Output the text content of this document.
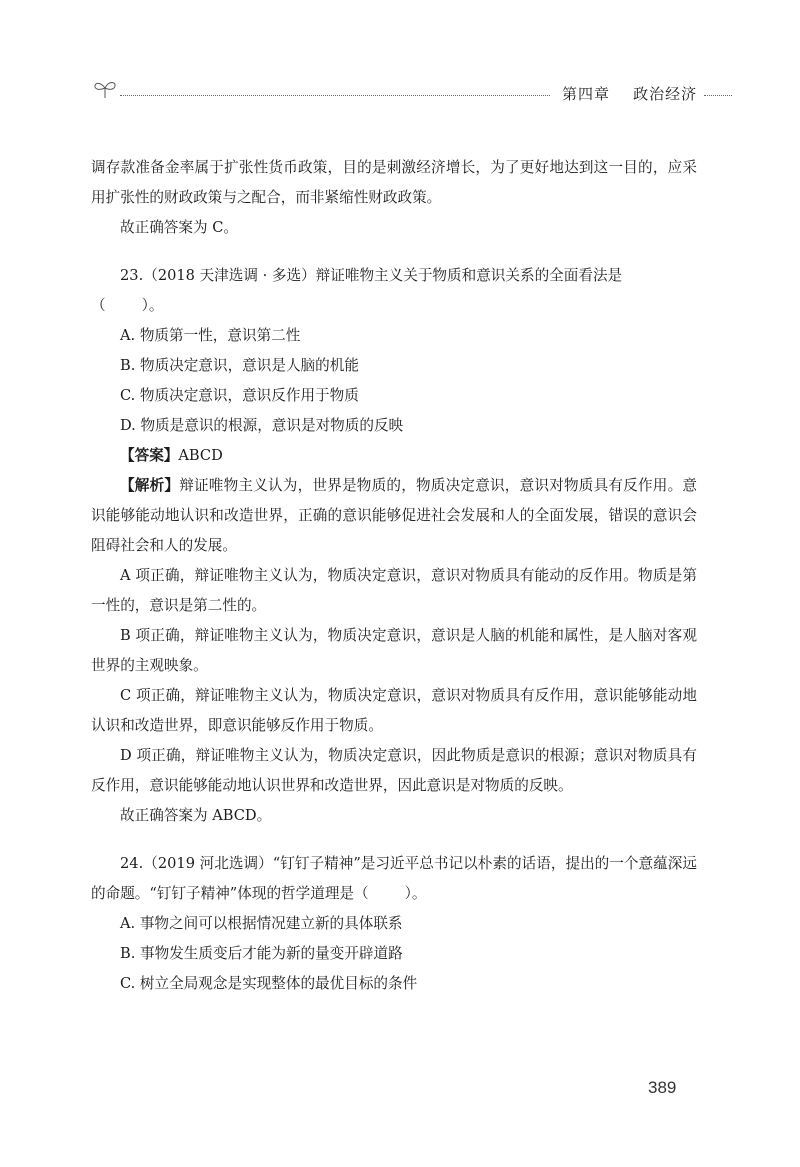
第四章 政治经济

调存款准备金率属于扩张性货币政策，目的是刺激经济增长，为了更好地达到这一目的，应采用扩张性的财政政策与之配合，而非紧缩性财政政策。

故正确答案为 C。

23.（2018 天津选调 · 多选）辩证唯物主义关于物质和意识关系的全面看法是

（ ）。

A. 物质第一性，意识第二性

B. 物质决定意识，意识是人脑的机能

C. 物质决定意识，意识反作用于物质

D. 物质是意识的根源，意识是对物质的反映

【答案】ABCD

【解析】辩证唯物主义认为，世界是物质的，物质决定意识，意识对物质具有反作用。意识能够能动地认识和改造世界，正确的意识能够促进社会发展和人的全面发展，错误的意识会阻碍社会和人的发展。

A 项正确，辩证唯物主义认为，物质决定意识，意识对物质具有能动的反作用。物质是第一性的，意识是第二性的。

B 项正确，辩证唯物主义认为，物质决定意识，意识是人脑的机能和属性，是人脑对客观世界的主观映象。

C 项正确，辩证唯物主义认为，物质决定意识，意识对物质具有反作用，意识能够能动地认识和改造世界，即意识能够反作用于物质。

D 项正确，辩证唯物主义认为，物质决定意识，因此物质是意识的根源；意识对物质具有反作用，意识能够能动地认识世界和改造世界，因此意识是对物质的反映。

故正确答案为 ABCD。

24.（2019 河北选调）“钉钉子精神”是习近平总书记以朴素的话语，提出的一个意蕴深远的命题。“钉钉子精神”体现的哲学道理是（ ）。

A. 事物之间可以根据情况建立新的具体联系

B. 事物发生质变后才能为新的量变开辟道路

C. 树立全局观念是实现整体的最优目标的条件

389
